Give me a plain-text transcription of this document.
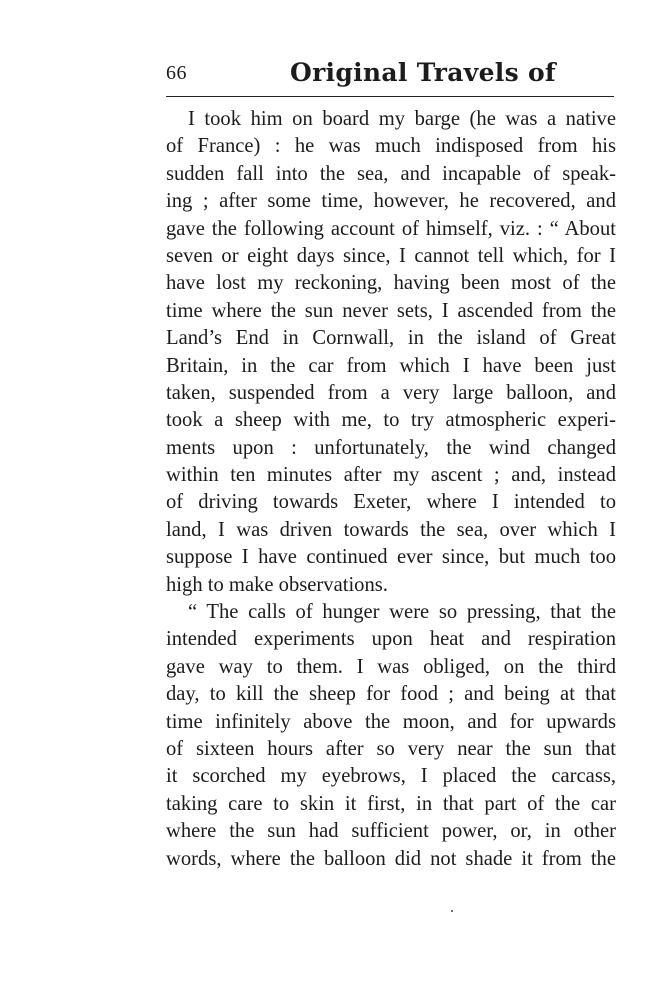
66	Original Travels of
I took him on board my barge (he was a native
of France) : he was much indisposed from his
sudden fall into the sea, and incapable of speak-
ing ; after some time, however, he recovered, and
gave the following account of himself, viz. : “ About
seven or eight days since, I cannot tell which, for I
have lost my reckoning, having been most of the
time where the sun never sets, I ascended from the
Land’s End in Cornwall, in the island of Great
Britain, in the car from which I have been just
taken, suspended from a very large balloon, and
took a sheep with me, to try atmospheric experi-
ments upon : unfortunately, the wind changed
within ten minutes after my ascent ; and, instead
of driving towards Exeter, where I intended to
land, I was driven towards the sea, over which I
suppose I have continued ever since, but much too
high to make observations.
“ The calls of hunger were so pressing, that the
intended experiments upon heat and respiration
gave way to them. I was obliged, on the third
day, to kill the sheep for food ; and being at that
time infinitely above the moon, and for upwards
of sixteen hours after so very near the sun that
it scorched my eyebrows, I placed the carcass,
taking care to skin it first, in that part of the car
where the sun had sufficient power, or, in other
words, where the balloon did not shade it from the
